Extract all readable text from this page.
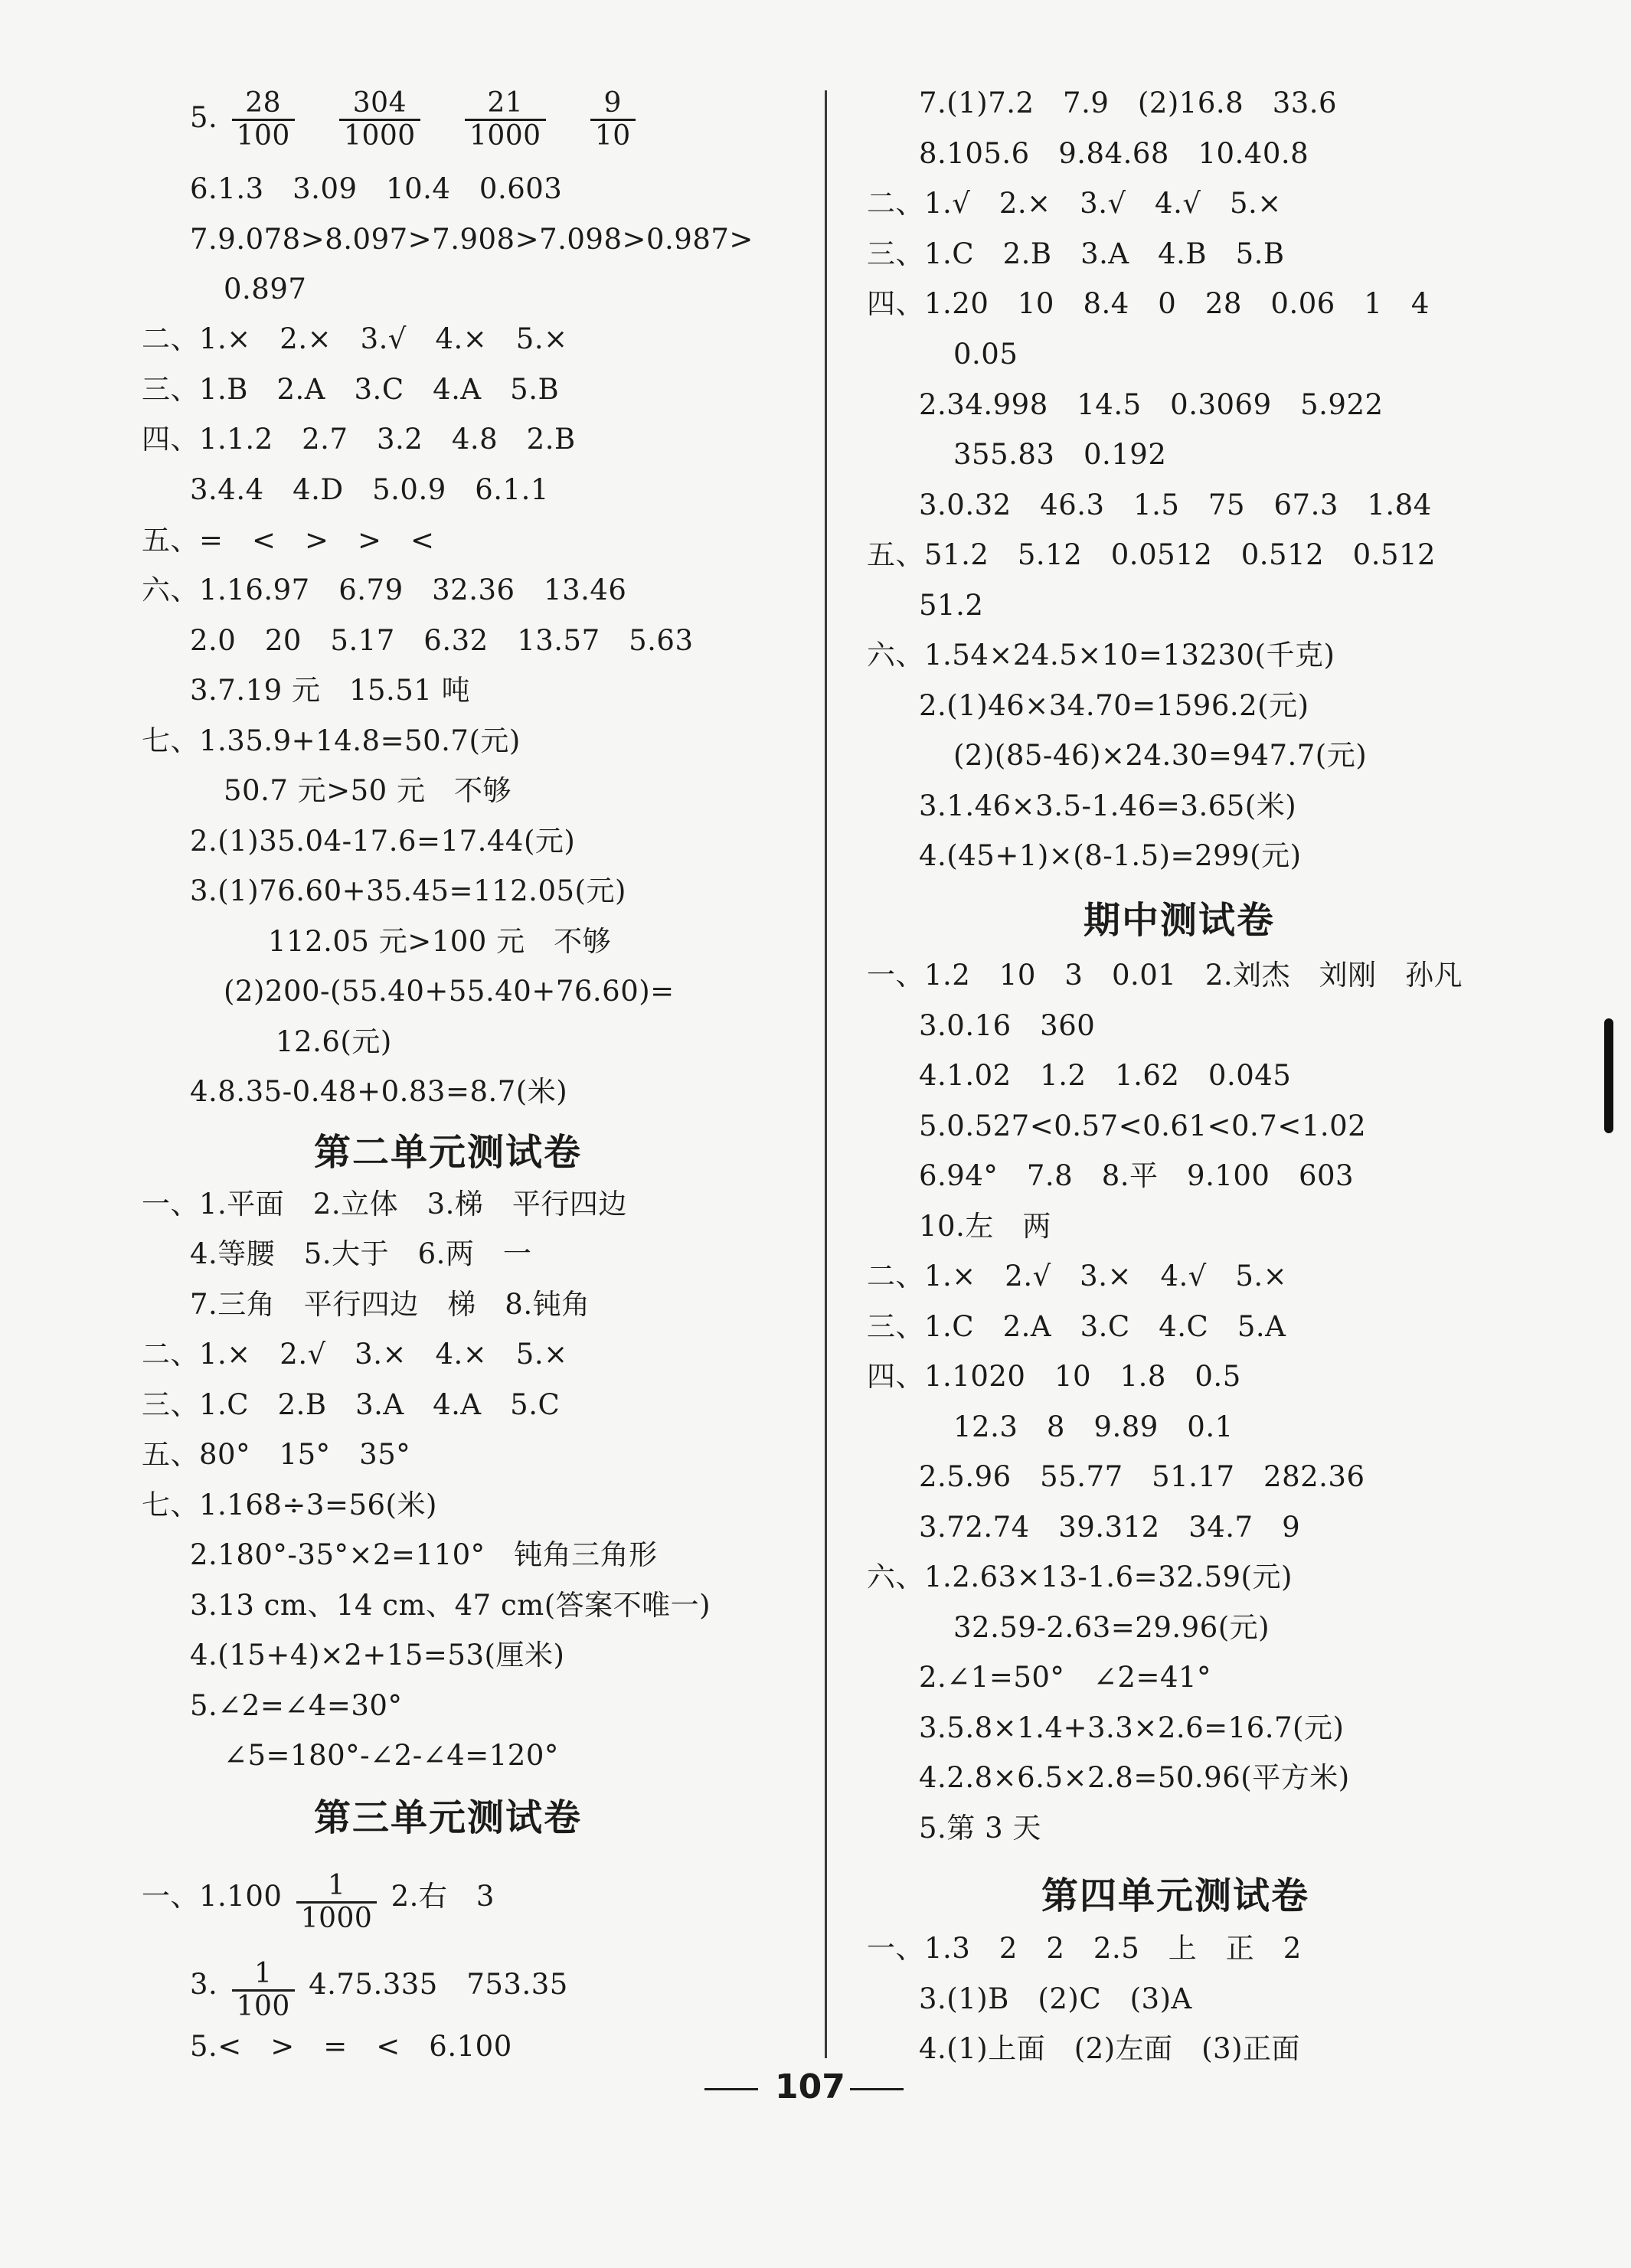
5. $\frac{28}{100}$
$\frac{304}{1000}$
$\frac{21}{1000}$
$\frac{9}{10}$
6.1.3　3.09　10.4　0.603
7.9.078>8.097>7.908>7.098>0.987>
0.897
二、1.×　2.×　3.√　4.×　5.×
三、1.B　2.A　3.C　4.A　5.B
四、1.1.2　2.7　3.2　4.8　2.B
3.4.4　4.D　5.0.9　6.1.1
五、=　<　>　>　<
六、1.16.97　6.79　32.36　13.46
2.0　20　5.17　6.32　13.57　5.63
3.7.19 元　15.51 吨
七、1.35.9+14.8=50.7(元)
50.7 元>50 元　不够
2.(1)35.04-17.6=17.44(元)
3.(1)76.60+35.45=112.05(元)
112.05 元>100 元　不够
(2)200-(55.40+55.40+76.60)=
12.6(元)
4.8.35-0.48+0.83=8.7(米)
第二单元测试卷
一、1.平面　2.立体　3.梯　平行四边
4.等腰　5.大于　6.两　一
7.三角　平行四边　梯　8.钝角
二、1.×　2.√　3.×　4.×　5.×
三、1.C　2.B　3.A　4.A　5.C
五、80°　15°　35°
七、1.168÷3=56(米)
2.180°-35°×2=110°　钝角三角形
3.13 cm、14 cm、47 cm(答案不唯一)
4.(15+4)×2+15=53(厘米)
5.∠2=∠4=30°
∠5=180°-∠2-∠4=120°
第三单元测试卷
一、$1.100 \frac{1}{1000} 2$.右　3
3. $\frac{1}{100} 4.75.335$　753.35
5.<　>　=　<　6.100
7.(1)7.2　7.9　(2)16.8　33.6
8.105.6　9.84.68　10.40.8
二、1.√　2.×　3.√　4.√　5.×
三、1.C　2.B　3.A　4.B　5.B
四、1.20　10　8.4　0　28　0.06　1　4
0.05
2.34.998　14.5　0.3069　5.922
355.83　0.192
3.0.32　46.3　1.5　75　67.3　1.84
五、51.2　5.12　0.0512　0.512　0.512
51.2
六、1.54×24.5×10=13230(千克)
2.(1)46×34.70=1596.2(元)
(2)(85-46)×24.30=947.7(元)
3.1.46×3.5-1.46=3.65(米)
4.(45+1)×(8-1.5)=299(元)
期中测试卷
一、1.2　10　3　0.01　2.刘杰　刘刚　孙凡
3.0.16　360
4.1.02　1.2　1.62　0.045
5.0.527<0.57<0.61<0.7<1.02
6.94°　7.8　8.平　9.100　603
10.左　两
二、1.×　2.√　3.×　4.√　5.×
三、1.C　2.A　3.C　4.C　5.A
四、1.1020　10　1.8　0.5
12.3　8　9.89　0.1
2.5.96　55.77　51.17　282.36
3.72.74　39.312　34.7　9
六、1.2.63×13-1.6=32.59(元)
32.59-2.63=29.96(元)
2.∠1=50°　∠2=41°
3.5.8×1.4+3.3×2.6=16.7(元)
4.2.8×6.5×2.8=50.96(平方米)
5.第 3 天
第四单元测试卷
一、1.3　2　2　2.5　上　正　2
3.(1)B　(2)C　(3)A
4.(1)上面　(2)左面　(3)正面
107
